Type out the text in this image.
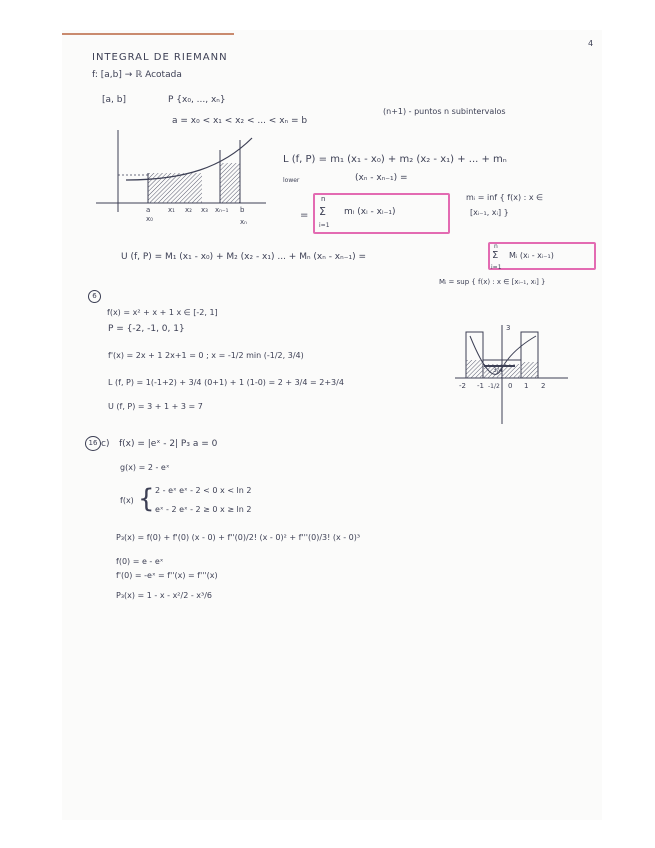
4
INTEGRAL DE RIEMANN
f: [a,b] → ℝ Acotada
[a, b]	P {x₀, ..., xₙ}
(n+1) - puntos n subintervalos
a = x₀ < x₁ < x₂ < ... < xₙ = b
a
x₀
x₁ x₂ x₃ xₙ₋₁ b
xₙ
L (f, P) = m₁ (x₁ - x₀) + m₂ (x₂ - x₁) + ... + mₙ
lower	(xₙ - xₙ₋₁) =
=
n
Σ
i=1
mᵢ (xᵢ - xᵢ₋₁)
mᵢ = inf { f(x) : x ∈
[xᵢ₋₁, xᵢ] }
U (f, P) = M₁ (x₁ - x₀) + M₂ (x₂ - x₁) ... + Mₙ (xₙ - xₙ₋₁) =
n
Σ
i=1
Mᵢ (xᵢ - xᵢ₋₁)
Mᵢ = sup { f(x) : x ∈ [xᵢ₋₁, xᵢ] }
6
f(x) = x² + x + 1 x ∈ [-2, 1]
P = {-2, -1, 0, 1}
f'(x) = 2x + 1 2x+1 = 0 ; x = -1/2 min (-1/2, 3/4)
L (f, P) = 1(-1+2) + 3/4 (0+1) + 1 (1-0) = 2 + 3/4 = 2+3/4
U (f, P) = 3 + 1 + 3 = 7
3
-2 -1 -1/2 0 1 2
3/4
16 c) f(x) = |eˣ - 2| P₃ a = 0
g(x) = 2 - eˣ
f(x) { 2 - eˣ eˣ - 2 < 0 x < ln 2
eˣ - 2 eˣ - 2 ≥ 0 x ≥ ln 2
P₃(x) = f(0) + f'(0) (x - 0) + f''(0)/2! (x - 0)² + f'''(0)/3! (x - 0)³
f(0) = e - eˣ
f'(0) = -eˣ = f''(x) = f'''(x)
P₃(x) = 1 - x - x²/2 - x³/6
